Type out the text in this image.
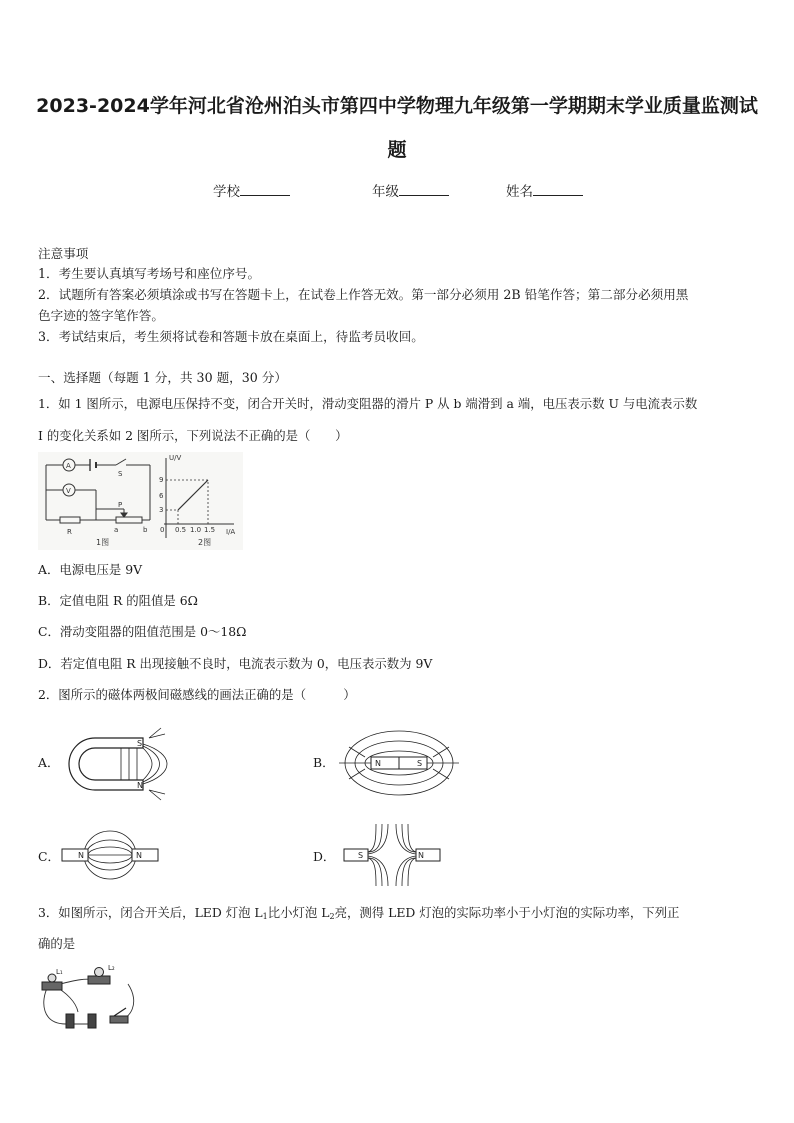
2023-2024学年河北省沧州泊头市第四中学物理九年级第一学期期末学业质量监测试
题
学校	年级	姓名
注意事项
1．考生要认真填写考场号和座位序号。
2．试题所有答案必须填涂或书写在答题卡上，在试卷上作答无效。第一部分必须用 2B 铅笔作答；第二部分必须用黑
色字迹的签字笔作答。
3．考试结束后，考生须将试卷和答题卡放在桌面上，待监考员收回。
一、选择题（每题 1 分，共 30 题，30 分）
1．如 1 图所示，电源电压保持不变，闭合开关时，滑动变阻器的滑片 P 从 b 端滑到 a 端，电压表示数 U 与电流表示数
I 的变化关系如 2 图所示，下列说法不正确的是（　　）
A
V
S
R
P
a	b
U/V
I/A
9
6
3
0 0.5 1.0 1.5
1图	2图
A．电源电压是 9V
B．定值电阻 R 的阻值是 6Ω
C．滑动变阻器的阻值范围是 0～18Ω
D．若定值电阻 R 出现接触不良时，电流表示数为 0，电压表示数为 9V
2．图所示的磁体两极间磁感线的画法正确的是（　　　）
A．
S
N
B．	N	S
C． N	N	D．	S	N
3．如图所示，闭合开关后，LED 灯泡 $L_1$比小灯泡 $L_2$亮，测得 LED 灯泡的实际功率小于小灯泡的实际功率，下列正
确的是
L₁	L₂
